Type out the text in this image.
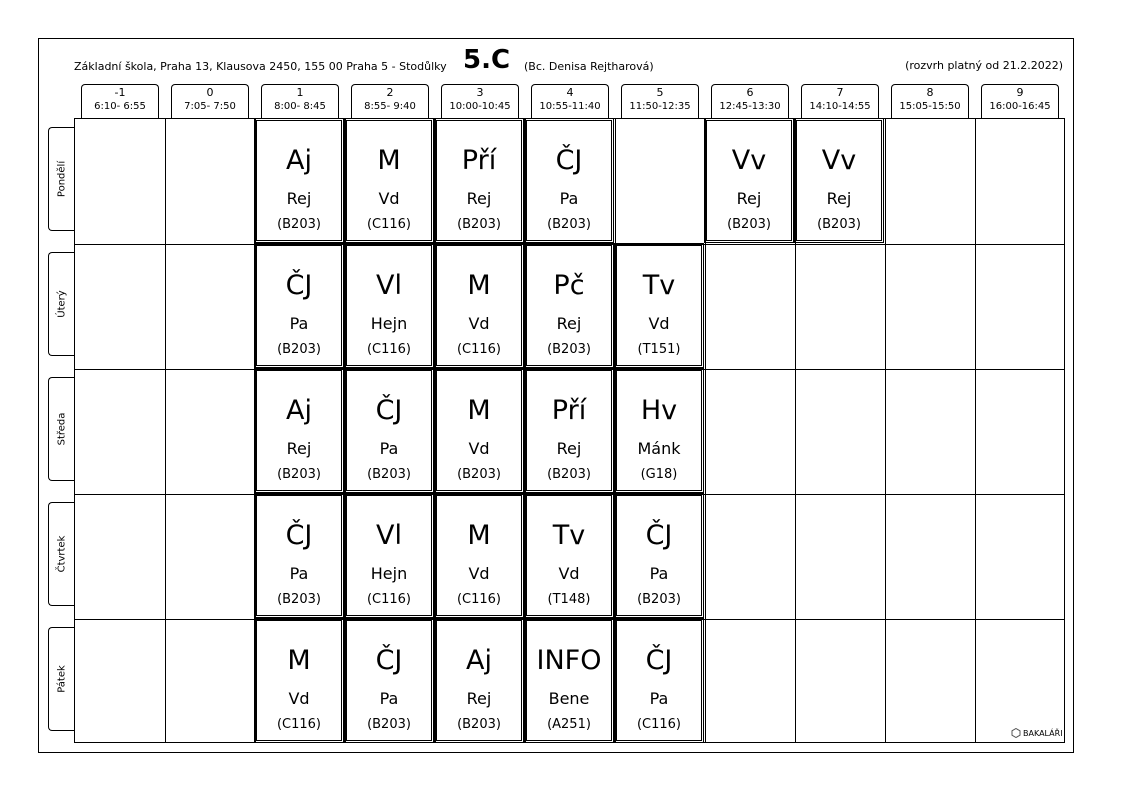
Základní škola, Praha 13, Klausova 2450, 155 00 Praha 5 - Stodůlky 5.C (Bc. Denisa Rejtharová)	(rozvrh platný od 21.2.2022)
-1
6:10- 6:55
0
7:05- 7:50
1
8:00- 8:45
2
8:55- 9:40
3
10:00-10:45
4
10:55-11:40
5
11:50-12:35
6
12:45-13:30
7
14:10-14:55
8
15:05-15:50
9
16:00-16:45
Pondělí
Úterý
Středa
Čtvrtek
Pátek
Aj
Rej
(B203)
M
Vd
(C116)
Pří
Rej
(B203)
ČJ
Pa
(B203)
Vv
Rej
(B203)
Vv
Rej
(B203)
ČJ
Pa
(B203)
Vl
Hejn
(C116)
M
Vd
(C116)
Pč
Rej
(B203)
Tv
Vd
(T151)
Aj
Rej
(B203)
ČJ
Pa
(B203)
M
Vd
(B203)
Pří
Rej
(B203)
Hv
Mánk
(G18)
ČJ
Pa
(B203)
Vl
Hejn
(C116)
M
Vd
(C116)
Tv
Vd
(T148)
ČJ
Pa
(B203)
M
Vd
(C116)
ČJ
Pa
(B203)
Aj
Rej
(B203)
INFO
Bene
(A251)
ČJ
Pa
(C116)
BAKALÁŘI
